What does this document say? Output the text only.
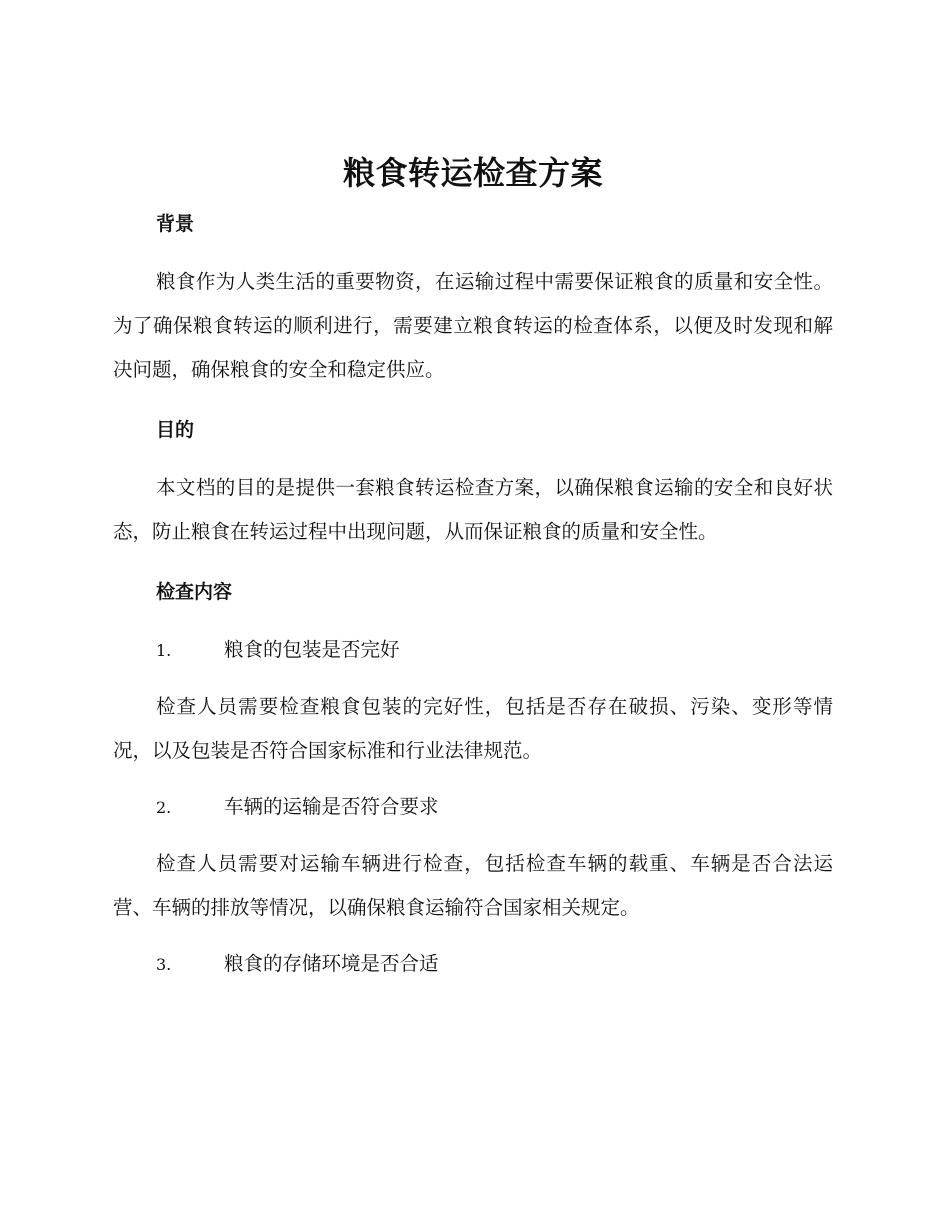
粮食转运检查方案
背景

粮食作为人类生活的重要物资，在运输过程中需要保证粮食的质量和安全性。为了确保粮食转运的顺利进行，需要建立粮食转运的检查体系，以便及时发现和解决问题，确保粮食的安全和稳定供应。

目的

本文档的目的是提供一套粮食转运检查方案，以确保粮食运输的安全和良好状态，防止粮食在转运过程中出现问题，从而保证粮食的质量和安全性。

检查内容
1.	粮食的包装是否完好

检查人员需要检查粮食包装的完好性，包括是否存在破损、污染、变形等情况，以及包装是否符合国家标准和行业法律规范。

2.	车辆的运输是否符合要求

检查人员需要对运输车辆进行检查，包括检查车辆的载重、车辆是否合法运营、车辆的排放等情况，以确保粮食运输符合国家相关规定。

3.	粮食的存储环境是否合适
